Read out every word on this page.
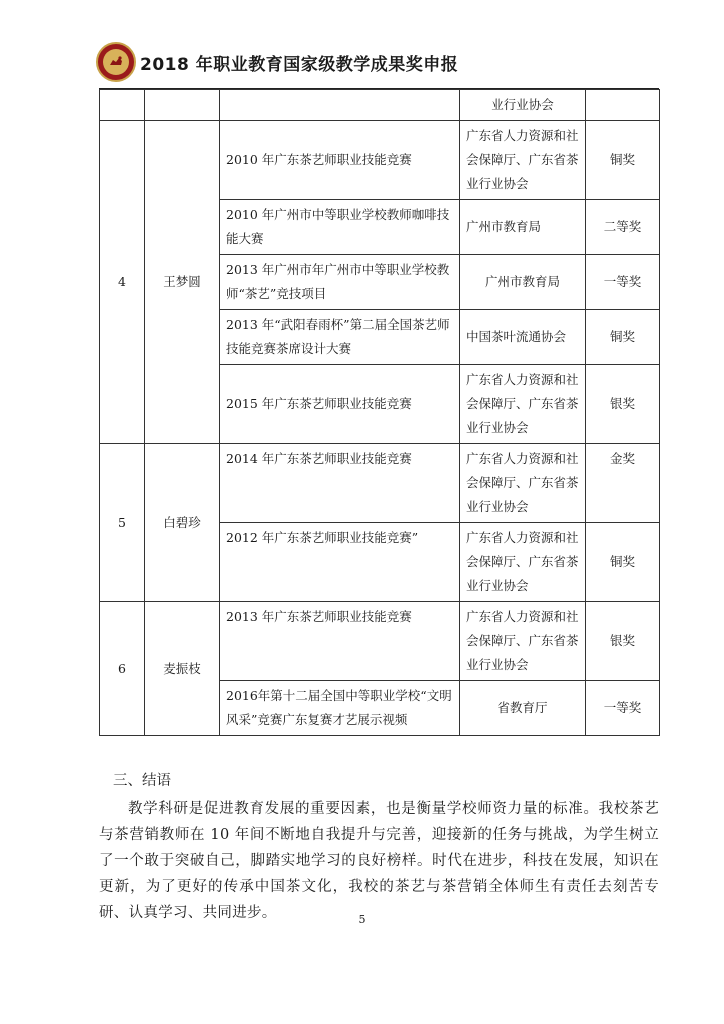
2018 年职业教育国家级教学成果奖申报
			业行业协会	
4	王梦圆	2010 年广东茶艺师职业技能竞赛	广东省人力资源和社会保障厅、广东省茶业行业协会	铜奖
		2010 年广州市中等职业学校教师咖啡技能大赛	广州市教育局	二等奖
		2013 年广州市年广州市中等职业学校教师“茶艺”竞技项目	广州市教育局	一等奖
		2013 年“武阳春雨杯”第二届全国茶艺师技能竞赛茶席设计大赛	中国茶叶流通协会	铜奖
		2015 年广东茶艺师职业技能竞赛	广东省人力资源和社会保障厅、广东省茶业行业协会	银奖
5	白碧珍	2014 年广东茶艺师职业技能竞赛	广东省人力资源和社会保障厅、广东省茶业行业协会	金奖
		2012 年广东茶艺师职业技能竞赛”	广东省人力资源和社会保障厅、广东省茶业行业协会	铜奖
6	麦振枝	2013 年广东茶艺师职业技能竞赛	广东省人力资源和社会保障厅、广东省茶业行业协会	银奖
		2016年第十二届全国中等职业学校“文明风采”竞赛广东复赛才艺展示视频	省教育厅	一等奖

三、结语

教学科研是促进教育发展的重要因素，也是衡量学校师资力量的标准。我校茶艺与茶营销教师在 10 年间不断地自我提升与完善，迎接新的任务与挑战，为学生树立了一个敢于突破自己，脚踏实地学习的良好榜样。时代在进步，科技在发展，知识在更新，为了更好的传承中国茶文化，我校的茶艺与茶营销全体师生有责任去刻苦专研、认真学习、共同进步。	5
